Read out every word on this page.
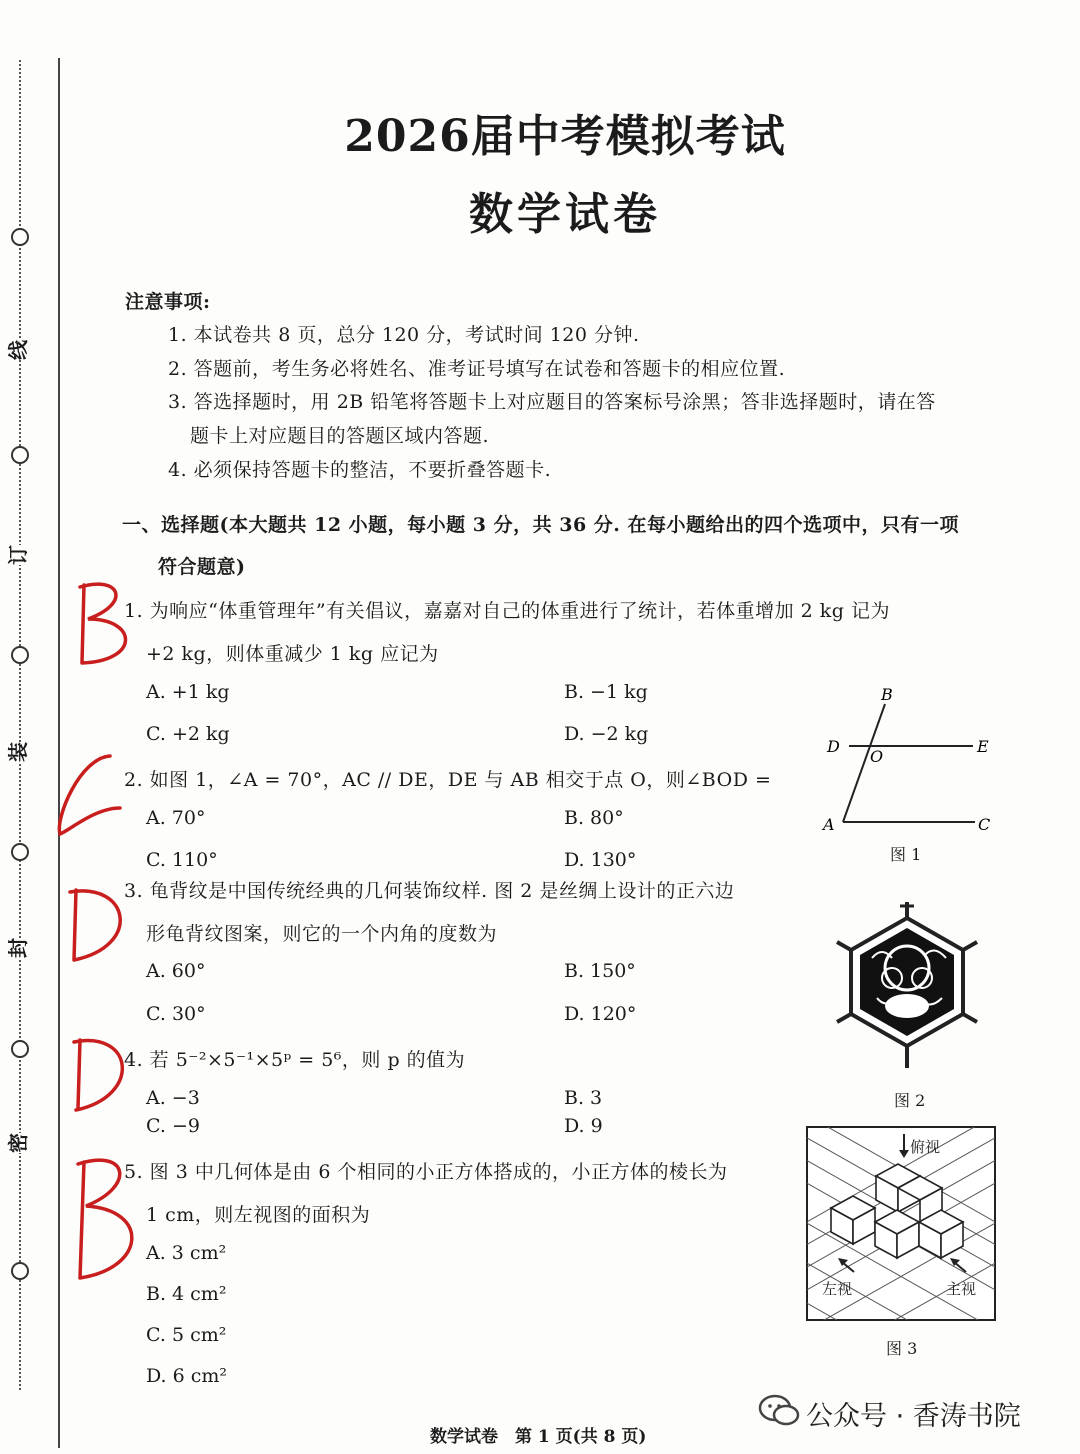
线
订
装
封
密
2026届中考模拟考试
数学试卷
注意事项:
1. 本试卷共 8 页，总分 120 分，考试时间 120 分钟.
2. 答题前，考生务必将姓名、准考证号填写在试卷和答题卡的相应位置.
3. 答选择题时，用 2B 铅笔将答题卡上对应题目的答案标号涂黑；答非选择题时，请在答
题卡上对应题目的答题区域内答题.
4. 必须保持答题卡的整洁，不要折叠答题卡.
一、选择题(本大题共 12 小题，每小题 3 分，共 36 分. 在每小题给出的四个选项中，只有一项
符合题意)
1. 为响应“体重管理年”有关倡议，嘉嘉对自己的体重进行了统计，若体重增加 2 kg 记为
+2 kg，则体重减少 1 kg 应记为
A. +1 kg	B. −1 kg
C. +2 kg	D. −2 kg
2. 如图 1，∠A = 70°，AC // DE，DE 与 AB 相交于点 O，则∠BOD =
A. 70°	B. 80°
C. 110°	D. 130°
3. 龟背纹是中国传统经典的几何装饰纹样. 图 2 是丝绸上设计的正六边
形龟背纹图案，则它的一个内角的度数为
A. 60°	B. 150°
C. 30°	D. 120°
4. 若 5⁻²×5⁻¹×5ᵖ = 5⁶，则 p 的值为
A. −3	B. 3
C. −9	D. 9
5. 图 3 中几何体是由 6 个相同的小正方体搭成的，小正方体的棱长为
1 cm，则左视图的面积为
A. 3 cm²
B. 4 cm²
C. 5 cm²
D. 6 cm²
B
D
O
E
A	C
图 1
图 2
俯视
左视	主视
图 3
公众号 · 香涛书院
数学试卷　第 1 页(共 8 页)
